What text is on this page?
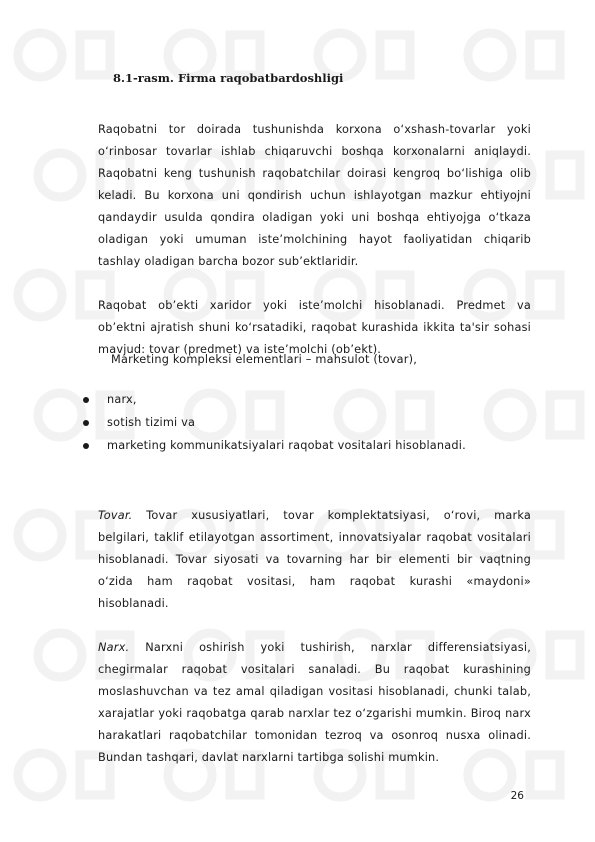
8.1-rasm. Firma raqobatbardoshligi

Raqobatni tor doirada tushunishda korxona o‘xshash-tovarlar yoki
o‘rinbosar tovarlar ishlab chiqaruvchi boshqa korxonalarni aniqlaydi.
Raqobatni keng tushunish raqobatchilar doirasi kengroq bo‘lishiga olib
keladi. Bu korxona uni qondirish uchun ishlayotgan mazkur ehtiyojni
qandaydir usulda qondira oladigan yoki uni boshqa ehtiyojga o‘tkaza
oladigan yoki umuman iste’molchining hayot faoliyatidan chiqarib
tashlay oladigan barcha bozor sub’ektlaridir.

Raqobat ob’ekti xaridor yoki iste’molchi hisoblanadi. Predmet va
ob’ektni ajratish shuni ko‘rsatadiki, raqobat kurashida ikkita ta'sir sohasi
mavjud: tovar (predmet) va iste’molchi (ob’ekt).

Marketing kompleksi elementlari – mahsulot (tovar),

narx,
sotish tizimi va
marketing kommunikatsiyalari raqobat vositalari hisoblanadi.

Tovar. Tovar xususiyatlari, tovar komplektatsiyasi, o‘rovi, marka
belgilari, taklif etilayotgan assortiment, innovatsiyalar raqobat vositalari
hisoblanadi. Tovar siyosati va tovarning har bir elementi bir vaqtning
o‘zida ham raqobat vositasi, ham raqobat kurashi «maydoni» hisoblanadi.

Narx. Narxni oshirish yoki tushirish, narxlar differensiatsiyasi,
chegirmalar raqobat vositalari sanaladi. Bu raqobat kurashining
moslashuvchan va tez amal qiladigan vositasi hisoblanadi, chunki talab,
xarajatlar yoki raqobatga qarab narxlar tez o‘zgarishi mumkin. Biroq narx
harakatlari raqobatchilar tomonidan tezroq va osonroq nusxa olinadi.
Bundan tashqari, davlat narxlarni tartibga solishi mumkin.

26
